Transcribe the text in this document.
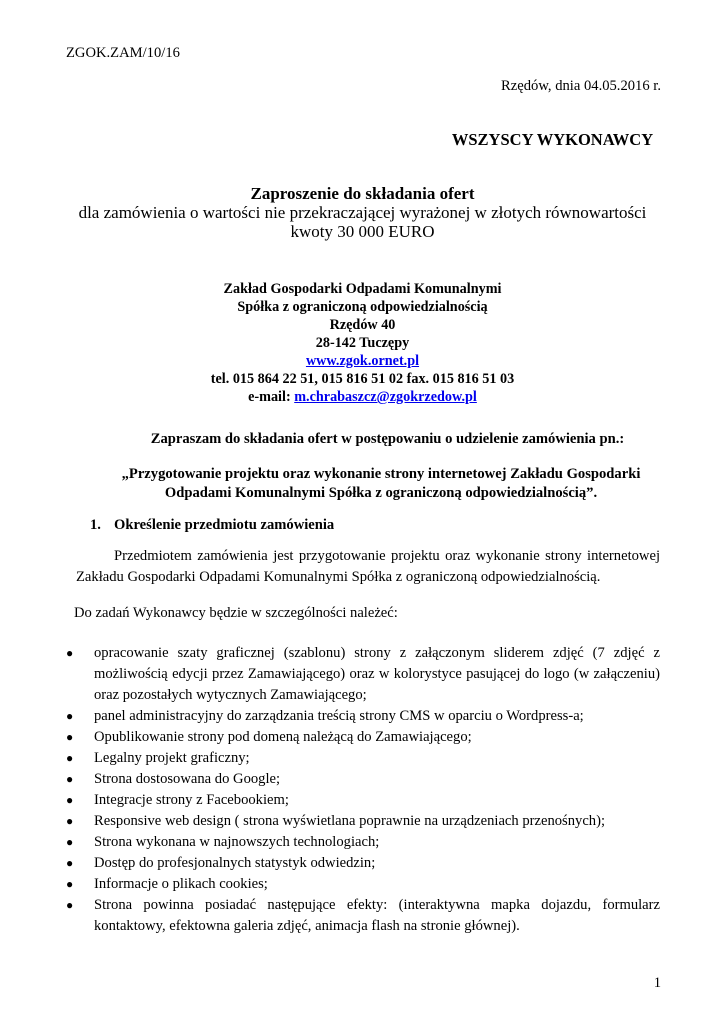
ZGOK.ZAM/10/16
Rzędów, dnia 04.05.2016 r.
WSZYSCY WYKONAWCY
Zaproszenie do składania ofert
dla zamówienia o wartości nie przekraczającej wyrażonej w złotych równowartości
kwoty 30 000 EURO
Zakład Gospodarki Odpadami Komunalnymi
Spółka z ograniczoną odpowiedzialnością
Rzędów 40
28-142 Tuczępy
www.zgok.ornet.pl
tel. 015 864 22 51, 015 816 51 02 fax. 015 816 51 03
e-mail: m.chrabaszcz@zgokrzedow.pl
Zapraszam do składania ofert w postępowaniu o udzielenie zamówienia pn.:
„Przygotowanie projektu oraz wykonanie strony internetowej Zakładu Gospodarki
Odpadami Komunalnymi Spółka z ograniczoną odpowiedzialnością”.
1. Określenie przedmiotu zamówienia
Przedmiotem zamówienia jest przygotowanie projektu oraz wykonanie strony internetowej Zakładu Gospodarki Odpadami Komunalnymi Spółka z ograniczoną odpowiedzialnością.
Do zadań Wykonawcy będzie w szczególności należeć:
● opracowanie szaty graficznej (szablonu) strony z załączonym sliderem zdjęć (7 zdjęć z możliwością edycji przez Zamawiającego) oraz w kolorystyce pasującej do logo (w załączeniu) oraz pozostałych wytycznych Zamawiającego;
● panel administracyjny do zarządzania treścią strony CMS w oparciu o Wordpress-a;
● Opublikowanie strony pod domeną należącą do Zamawiającego;
● Legalny projekt graficzny;
● Strona dostosowana do Google;
● Integracje strony z Facebookiem;
● Responsive web design ( strona wyświetlana poprawnie na urządzeniach przenośnych);
● Strona wykonana w najnowszych technologiach;
● Dostęp do profesjonalnych statystyk odwiedzin;
● Informacje o plikach cookies;
● Strona powinna posiadać następujące efekty: (interaktywna mapka dojazdu, formularz kontaktowy, efektowna galeria zdjęć, animacja flash na stronie głównej).
1
